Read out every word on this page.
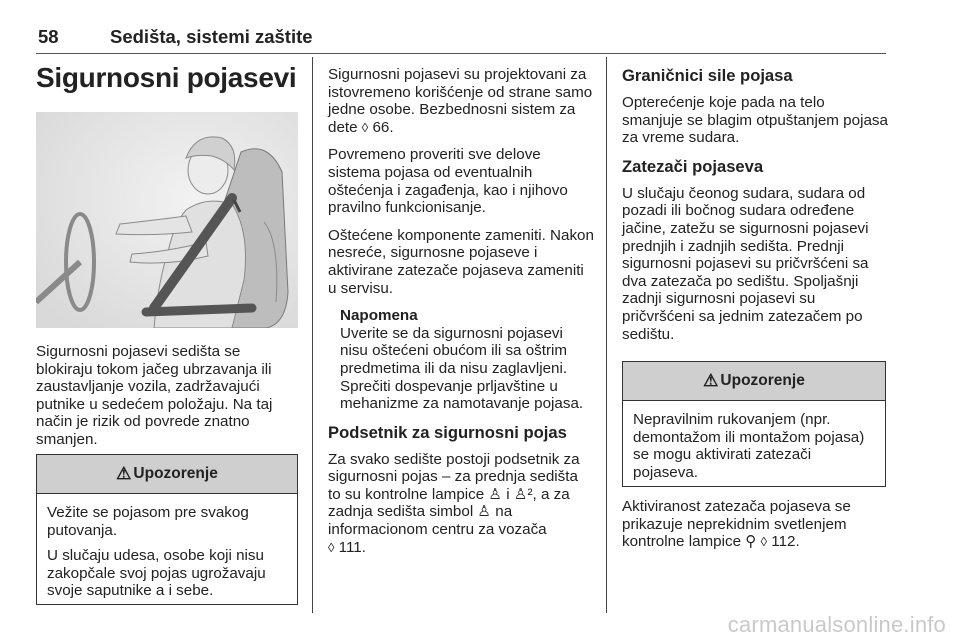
58	Sedišta, sistemi zaštite
Sigurnosni pojasevi

Sigurnosni pojasevi sedišta se blokiraju tokom jačeg ubrzavanja ili zaustavljanje vozila, zadržavajući putnike u sedećem položaju. Na taj način je rizik od povrede znatno smanjen.

⚠ Upozorenje

Vežite se pojasom pre svakog putovanja.

U slučaju udesa, osobe koji nisu zakopčale svoj pojas ugrožavaju svoje saputnike a i sebe.

Sigurnosni pojasevi su projektovani za istovremeno korišćenje od strane samo jedne osobe. Bezbednosni sistem za dete ◊ 66.

Povremeno proveriti sve delove sistema pojasa od eventualnih oštećenja i zagađenja, kao i njihovo pravilno funkcionisanje.

Oštećene komponente zameniti. Nakon nesreće, sigurnosne pojaseve i aktivirane zatezače pojaseva zameniti u servisu.

Napomena
Uverite se da sigurnosni pojasevi nisu oštećeni obućom ili sa oštrim predmetima ili da nisu zaglavljeni. Sprečiti dospevanje prljavštine u mehanizme za namotavanje pojasa.
Podsetnik za sigurnosni pojas

Za svako sedište postoji podsetnik za sigurnosni pojas – za prednja sedišta to su kontrolne lampice ♙ i ♙², a za zadnja sedišta simbol ♙ na informacionom centru za vozača
◊ 111.

Graničnici sile pojasa

Opterećenje koje pada na telo smanjuje se blagim otpuštanjem pojasa za vreme sudara.

Zatezači pojaseva

U slučaju čeonog sudara, sudara od pozadi ili bočnog sudara određene jačine, zatežu se sigurnosni pojasevi prednjih i zadnjih sedišta. Prednji sigurnosni pojasevi su pričvršćeni sa dva zatezača po sedištu. Spoljašnji zadnji sigurnosni pojasevi su pričvršćeni sa jednim zatezačem po sedištu.

⚠ Upozorenje

Nepravilnim rukovanjem (npr. demontažom ili montažom pojasa) se mogu aktivirati zatezači pojaseva.

Aktiviranost zatezača pojaseva se prikazuje neprekidnim svetlenjem kontrolne lampice ⚲ ◊ 112.

carmanualsonline.info
